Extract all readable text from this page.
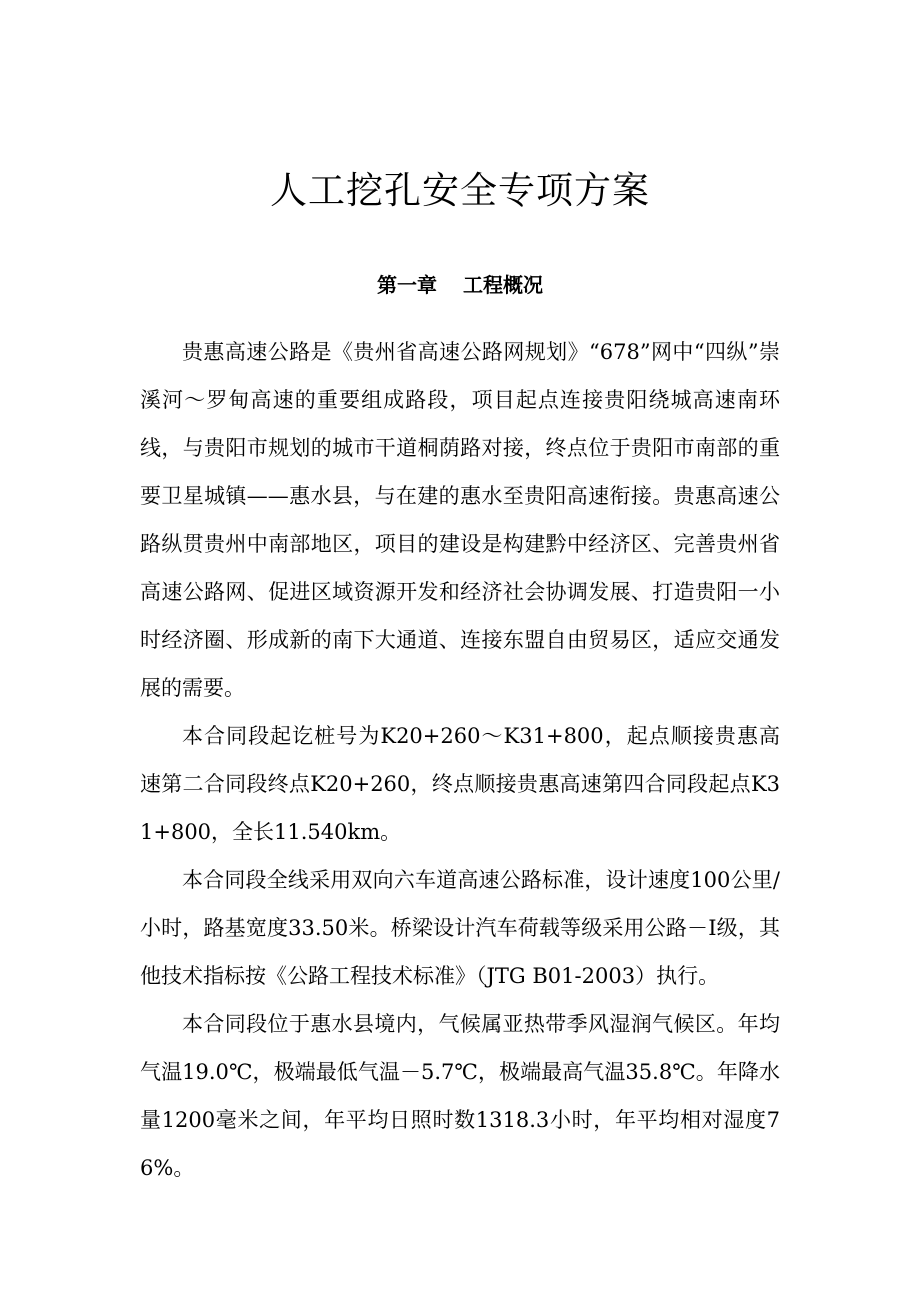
人工挖孔安全专项方案
第一章 工程概况

贵惠高速公路是《贵州省高速公路网规划》“678”网中“四纵”崇溪河～罗甸高速的重要组成路段，项目起点连接贵阳绕城高速南环线，与贵阳市规划的城市干道桐荫路对接，终点位于贵阳市南部的重要卫星城镇——惠水县，与在建的惠水至贵阳高速衔接。贵惠高速公路纵贯贵州中南部地区，项目的建设是构建黔中经济区、完善贵州省高速公路网、促进区域资源开发和经济社会协调发展、打造贵阳一小时经济圈、形成新的南下大通道、连接东盟自由贸易区，适应交通发展的需要。

本合同段起讫桩号为K20+260～K31+800，起点顺接贵惠高速第二合同段终点K20+260，终点顺接贵惠高速第四合同段起点K31+800，全长11.540km。

本合同段全线采用双向六车道高速公路标准，设计速度100公里/小时，路基宽度33.50米。桥梁设计汽车荷载等级采用公路－Ⅰ级，其他技术指标按《公路工程技术标准》（JTG B01-2003）执行。

本合同段位于惠水县境内，气候属亚热带季风湿润气候区。年均气温19.0℃，极端最低气温－5.7℃，极端最高气温35.8℃。年降水量1200毫米之间，年平均日照时数1318.3小时，年平均相对湿度76%。
